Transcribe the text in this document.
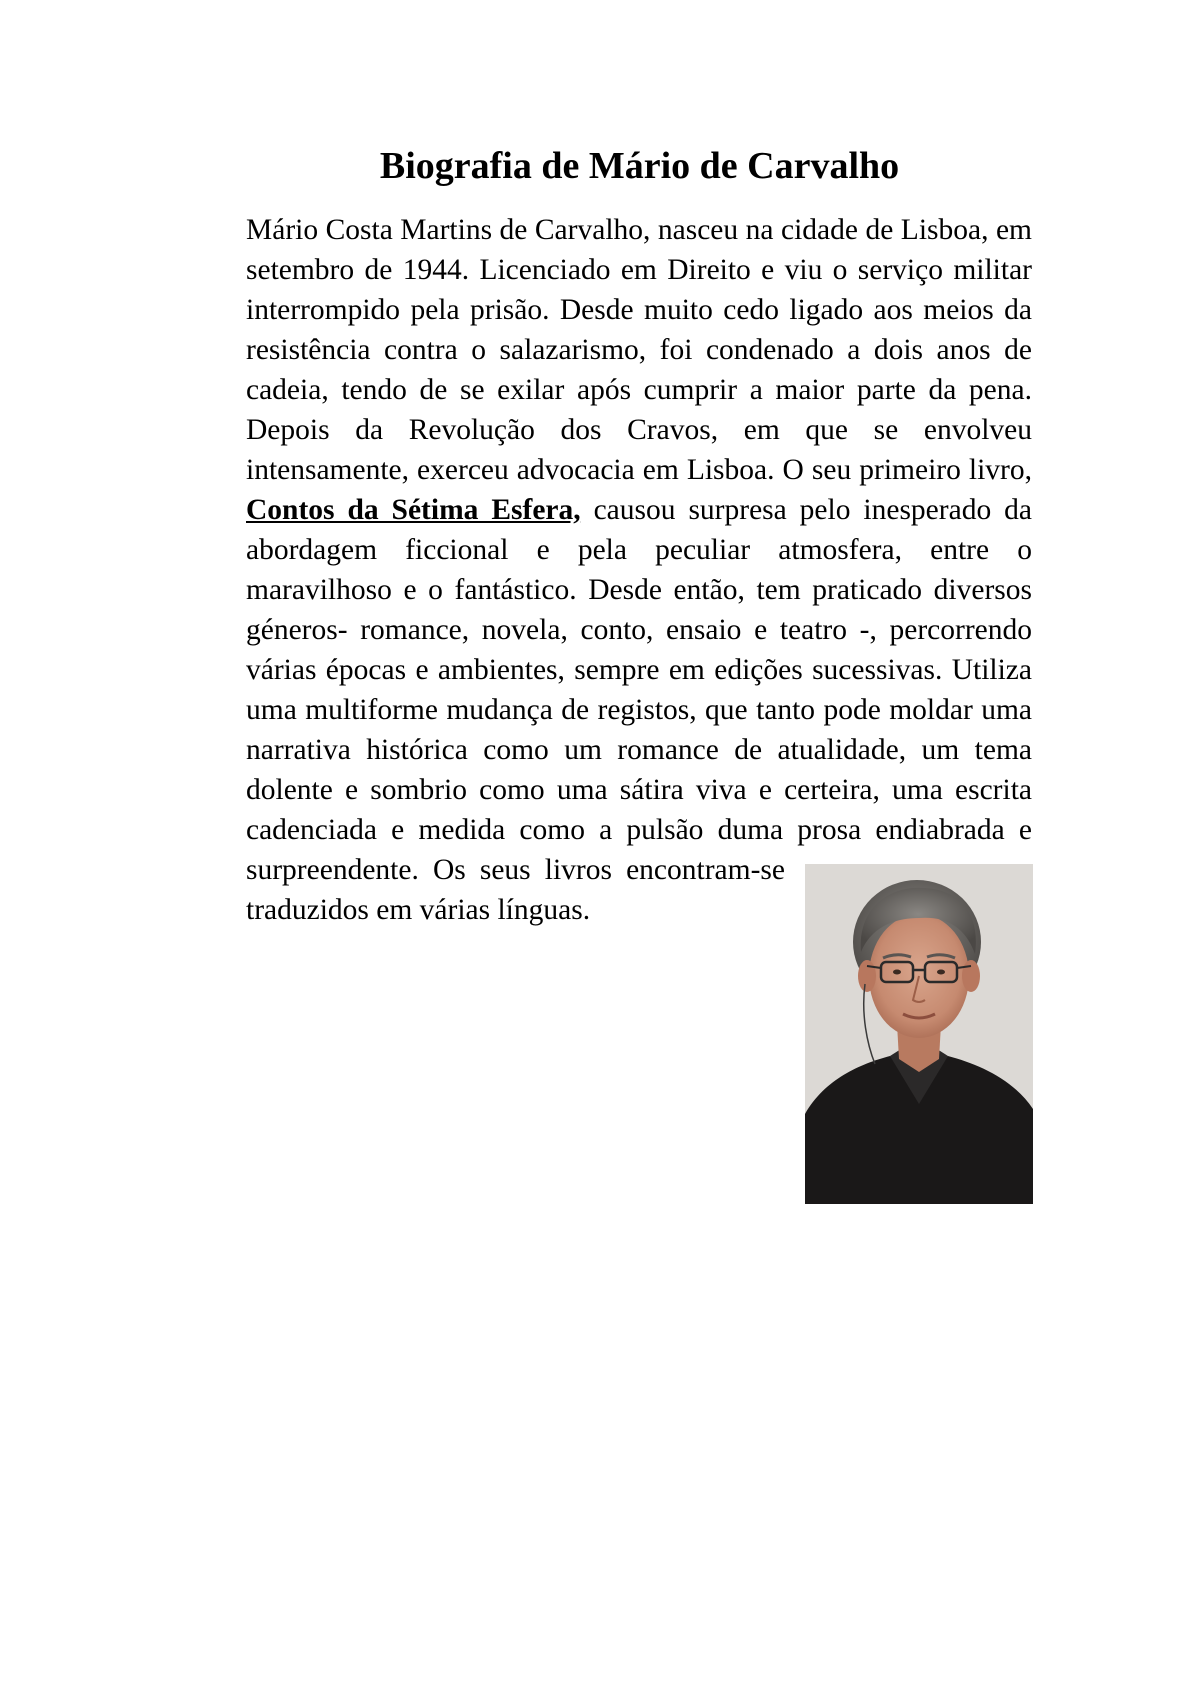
Biografia de Mário de Carvalho
Mário Costa Martins de Carvalho, nasceu na cidade de Lisboa, em setembro de 1944. Licenciado em Direito e viu o serviço militar interrompido pela prisão. Desde muito cedo ligado aos meios da resistência contra o salazarismo, foi condenado a dois anos de cadeia, tendo de se exilar após cumprir a maior parte da pena. Depois da Revolução dos Cravos, em que se envolveu intensamente, exerceu advocacia em Lisboa. O seu primeiro livro, Contos da Sétima Esfera, causou surpresa pelo inesperado da abordagem ficcional e pela peculiar atmosfera, entre o maravilhoso e o fantástico. Desde então, tem praticado diversos géneros- romance, novela, conto, ensaio e teatro -, percorrendo várias épocas e ambientes, sempre em edições sucessivas. Utiliza uma multiforme mudança de registos, que tanto pode moldar uma narrativa histórica como um romance de atualidade, um tema dolente e sombrio como uma sátira viva e certeira, uma escrita cadenciada e medida como a pulsão duma prosa endiabrada e surpreendente. Os seus livros encontram-se traduzidos em várias línguas.
